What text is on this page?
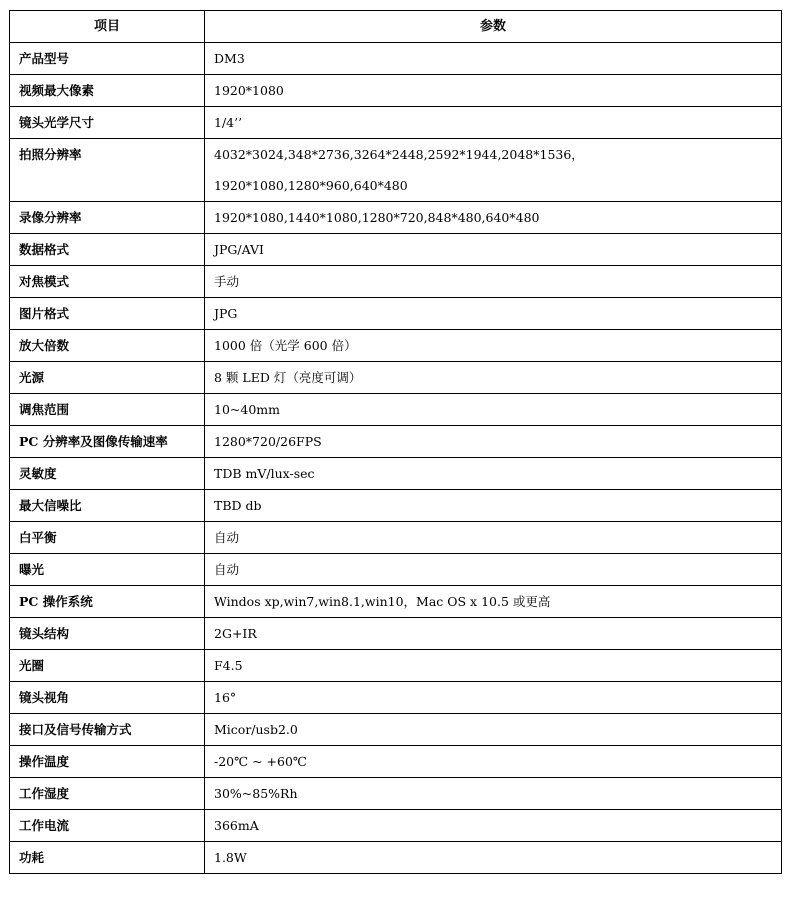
项目	参数
产品型号	DM3
视频最大像素	1920*1080
镜头光学尺寸	1/4’’
拍照分辨率	4032*3024,348*2736,3264*2448,2592*1944,2048*1536，
1920*1080,1280*960,640*480

录像分辨率	1920*1080,1440*1080,1280*720,848*480,640*480
数据格式	JPG/AVI
对焦模式	手动
图片格式	JPG
放大倍数	1000 倍（光学 600 倍）
光源	8 颗 LED 灯（亮度可调）
调焦范围	10~40mm
PC 分辨率及图像传输速率	1280*720/26FPS
灵敏度	TDB mV/lux-sec
最大信噪比	TBD db
白平衡	自动
曝光	自动
PC 操作系统	Windos xp,win7,win8.1,win10，Mac OS x 10.5 或更高
镜头结构	2G+IR
光圈	F4.5
镜头视角	16°
接口及信号传输方式	Micor/usb2.0
操作温度	-20℃ ~ +60℃
工作湿度	30%~85%Rh
工作电流	366mA
功耗	1.8W
